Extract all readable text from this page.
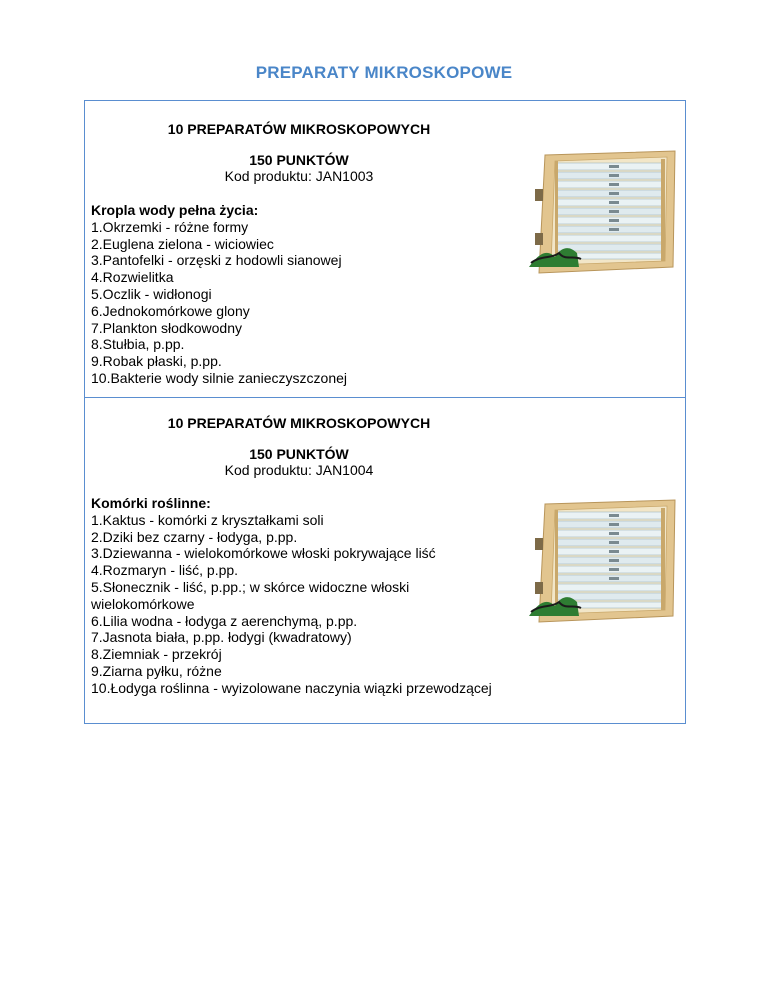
PREPARATY MIKROSKOPOWE
10 PREPARATÓW MIKROSKOPOWYCH
150 PUNKTÓW
Kod produktu: JAN1003
Kropla wody pełna życia:
1.Okrzemki - różne formy
2.Euglena zielona - wiciowiec
3.Pantofelki - orzęski z hodowli sianowej
4.Rozwielitka
5.Oczlik - widłonogi
6.Jednokomórkowe glony
7.Plankton słodkowodny
8.Stułbia, p.pp.
9.Robak płaski, p.pp.
10.Bakterie wody silnie zanieczyszczonej
10 PREPARATÓW MIKROSKOPOWYCH
150 PUNKTÓW
Kod produktu: JAN1004
Komórki roślinne:
1.Kaktus - komórki z kryształkami soli
2.Dziki bez czarny - łodyga, p.pp.
3.Dziewanna - wielokomórkowe włoski pokrywające liść
4.Rozmaryn - liść, p.pp.
5.Słonecznik - liść, p.pp.; w skórce widoczne włoski wielokomórkowe
6.Lilia wodna - łodyga z aerenchymą, p.pp.
7.Jasnota biała, p.pp. łodygi (kwadratowy)
8.Ziemniak - przekrój
9.Ziarna pyłku, różne
10.Łodyga roślinna - wyizolowane naczynia wiązki przewodzącej
